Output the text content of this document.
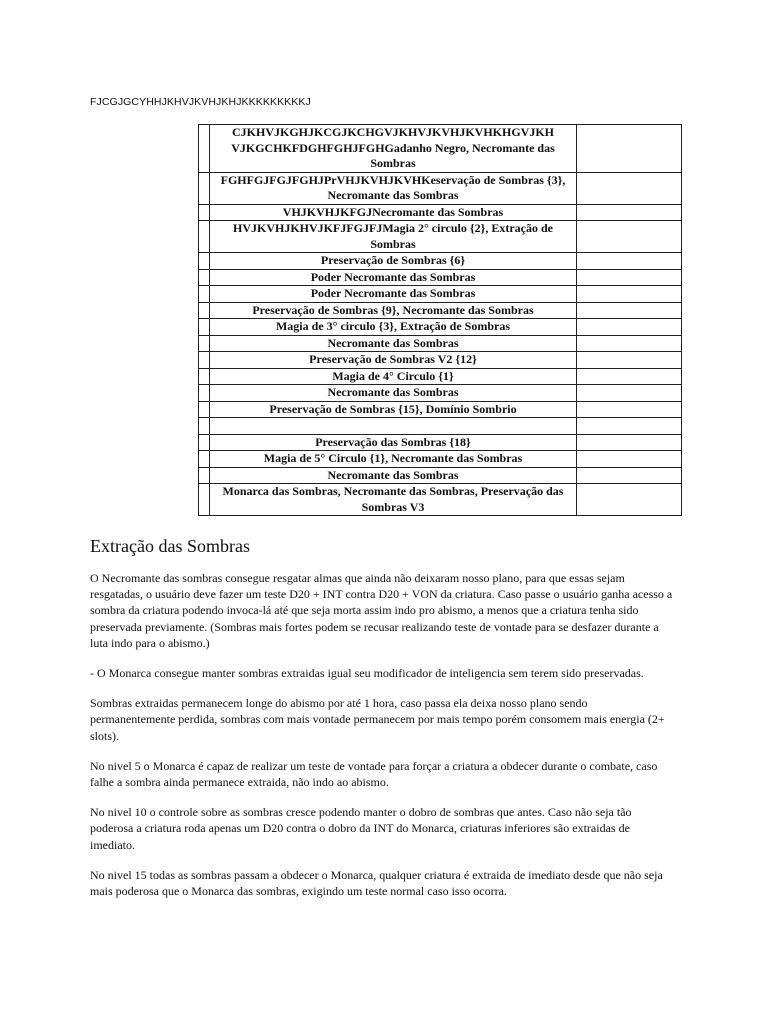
FJCGJGCYHHJKHVJKVHJKHJKKKKKKKKKJ
	CJKHVJKGHJKCGJKCHGVJKHVJKVHJKVHKHGVJKH VJKGCHKFDGHFGHJFGHGadanho Negro, Necromante das Sombras	
	FGHFGJFGJFGHJPrVHJKVHJKVHKeservação de Sombras {3}, Necromante das Sombras	
	VHJKVHJKFGJNecromante das Sombras	
	HVJKVHJKHVJKFJFGJFJMagia 2° circulo {2}, Extração de Sombras	
	Preservação de Sombras {6}	
	Poder Necromante das Sombras	
	Poder Necromante das Sombras	
	Preservação de Sombras {9}, Necromante das Sombras	
	Magia de 3° circulo {3}, Extração de Sombras	
	Necromante das Sombras	
	Preservação de Sombras V2 {12}	
	Magia de 4° Circulo {1}	
	Necromante das Sombras	
	Preservação de Sombras {15}, Domínio Sombrio	

	Preservação das Sombras {18}	
	Magia de 5° Circulo {1}, Necromante das Sombras	
	Necromante das Sombras	
	Monarca das Sombras, Necromante das Sombras, Preservação das Sombras V3	
Extração das Sombras

O Necromante das sombras consegue resgatar almas que ainda não deixaram nosso plano, para que essas sejam resgatadas, o usuário deve fazer um teste D20 + INT contra D20 + VON da criatura. Caso passe o usuário ganha acesso a sombra da criatura podendo invoca-lá até que seja morta assim indo pro abismo, a menos que a criatura tenha sido preservada previamente. (Sombras mais fortes podem se recusar realizando teste de vontade para se desfazer durante a luta indo para o abismo.)

- O Monarca consegue manter sombras extraidas igual seu modificador de inteligencia sem terem sido preservadas.

Sombras extraidas permanecem longe do abismo por até 1 hora, caso passa ela deixa nosso plano sendo permanentemente perdida, sombras com mais vontade permanecem por mais tempo porém consomem mais energia (2+ slots).

No nivel 5 o Monarca é capaz de realizar um teste de vontade para forçar a criatura a obdecer durante o combate, caso falhe a sombra ainda permanece extraida, não indo ao abismo.

No nivel 10 o controle sobre as sombras cresce podendo manter o dobro de sombras que antes. Caso não seja tão poderosa a criatura roda apenas um D20 contra o dobro da INT do Monarca, criaturas inferiores são extraidas de imediato.

No nivel 15 todas as sombras passam a obdecer o Monarca, qualquer criatura é extraida de imediato desde que não seja mais poderosa que o Monarca das sombras, exigindo um teste normal caso isso ocorra.
